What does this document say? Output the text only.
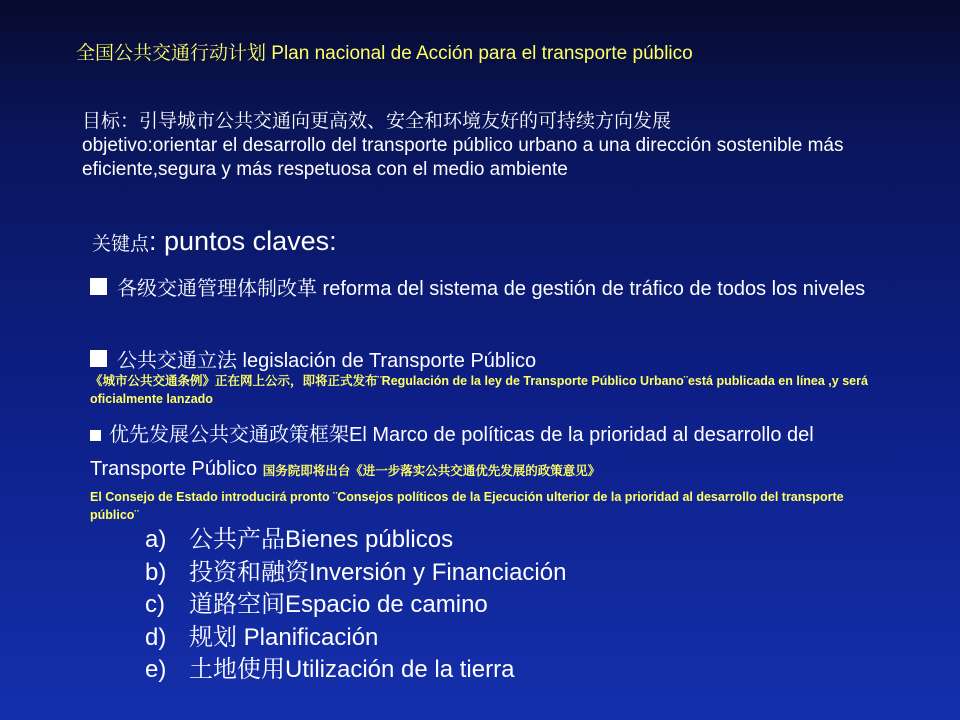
全国公共交通行动计划 Plan nacional de Acción para el transporte público
目标：引导城市公共交通向更高效、安全和环境友好的可持续方向发展
objetivo:orientar el desarrollo del transporte público urbano a una dirección sostenible más eficiente,segura y más respetuosa con el medio ambiente
关键点: puntos claves:
各级交通管理体制改革 reforma del sistema de gestión de tráfico de todos los niveles
公共交通立法 legislación de Transporte Público
《城市公共交通条例》正在网上公示，即将正式发布¨Regulación de la ley de Transporte Público Urbano¨está publicada en línea ,y será oficialmente lanzado
优先发展公共交通政策框架El Marco de políticas de la prioridad al desarrollo del Transporte Público 国务院即将出台《进一步落实公共交通优先发展的政策意见》
El Consejo de Estado introducirá pronto ¨Consejos políticos de la Ejecución ulterior de la prioridad al desarrollo del transporte público¨
a) 公共产品Bienes públicos
b) 投资和融资Inversión y Financiación
c) 道路空间Espacio de camino
d) 规划 Planificación
e) 土地使用Utilización de la tierra
